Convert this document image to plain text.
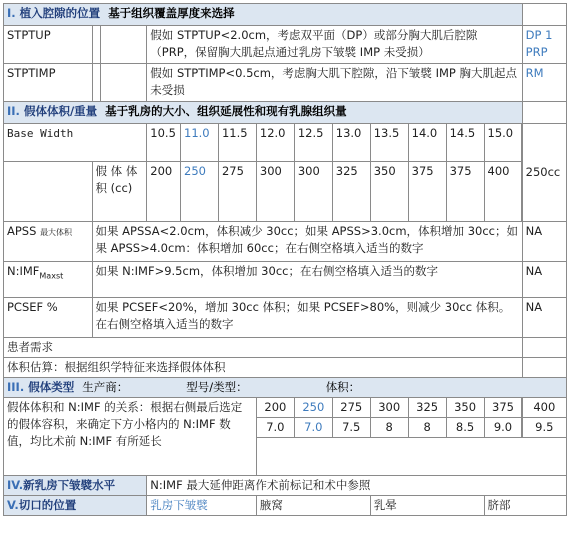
I. 植入腔隙的位置 基于组织覆盖厚度来选择													
STPTUP			假如 STPTUP<2.0cm，考虑双平面（DP）或部分胸大肌后腔隙（PRP，保留胸大肌起点通过乳房下皱襞 IMP 未受损）										DP 1 PRP
STPTIMP			假如 STPTIMP<0.5cm，考虑胸大肌下腔隙，沿下皱襞 IMP 胸大肌起点未受损										RM
II. 假体体积/重量 基于乳房的大小、组织延展性和现有乳腺组织量													
Base Width			10.5	11.0	11.5	12.0	12.5	13.0	13.5	14.0	14.5	15.0		250cc
	假 体 体 积 (cc)		200	250	275	300	300	325	350	375	375	400	
APSS 最大体积	如果 APSSA<2.0cm，体积减少 30cc；如果 APSS>3.0cm，体积增加 30cc；如果 APSS>4.0cm：体积增加 60cc；在右侧空格填入适当的数字												NA
$N:IMF_{Maxst}$	如果 N:IMF>9.5cm，体积增加 30cc；在右侧空格填入适当的数字												NA
PCSEF %	如果 PCSEF<20%，增加 30cc 体积；如果 PCSEF>80%，则减少 30cc 体积。在右侧空格填入适当的数字												NA
患者需求													
体积估算：根据组织学特征来选择假体体积													
III. 假体类型 生产商： 型号/类型： 体积：													
假体体积和 N:IMF 的关系：根据右侧最后选定的假体容积，来确定下方小格内的 N:IMF 数值，均比术前 N:IMF 有所延长						200	250	275	300	325	350	375		400
						7.0	7.0	7.5	8	8	8.5	9.0		9.5

IV.新乳房下皱襞水平			N:IMF 最大延伸距离作术前标记和术中参照										
V.切口的位置			乳房下皱襞			腋窝			乳晕			脐部	
